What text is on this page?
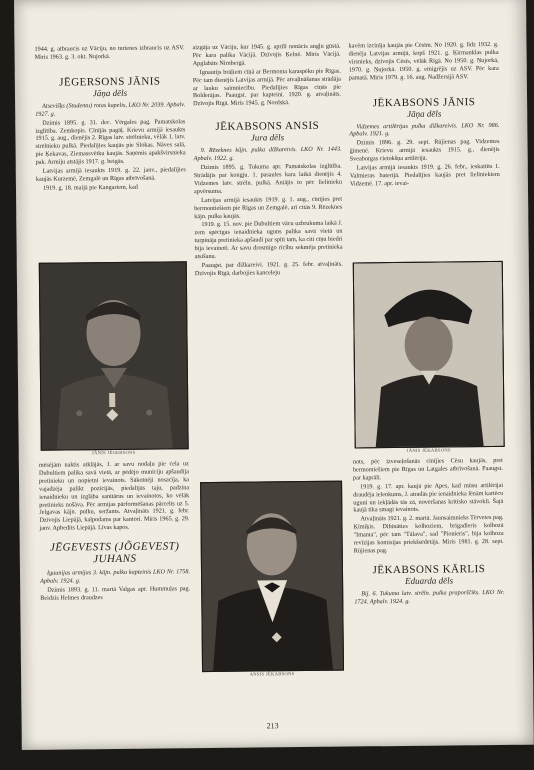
1944. g. atbraucis uz Vāciju, no turienes izbraucis uz ASV. Miris 1963. g. 3. okt. Nujorkā.

JĒGERSONS JĀNIS
Jāņa dēls

Atsevišķs (Studentu) rotas kapelis, LKO Nr. 2039. Apbalv. 1927. g.

Dzimis 1895. g. 31. dec. Vērgales pag. Pamatskolas izglītība. Zemkopis. Cīnījās pagāļ. Krievu armijā iesaukts 1915. g. aug., dienējis 2. Rīgas latv. strēlnieku, vēlāk 1. latv. strēlnieku pulkā. Piedalījies kaujās pie Slokas. Nāves salā, pie Ķekavas, Ziemassvētku kaujās. Saņēmis apakšvirsnieka pak. Armiju atstājis 1917. g. beigās.

Latvijas armijā iesaukts 1919. g. 22. janv., piedalījies kaujās Kurzemē, Zemgalē un Rīgas atbrīvošanā.

1919. g. 18. maijā pie Kangariem, kad

JĀNIS JĒGERSONS

mēsējām naktis atklājās, J. ar savu nodaļu pie cela uz Dubultiem palika savā vietā, ar pēdējo munīciju apšaudīja pretinieku un nopietni ievainots. Sākotnēji nosacīja, ka vajadzēja palikt pozīcijās, piedalījās taju, padzina ienaidnieku un izglāba sanitārus un ievainotos, ko vēlāk pretinieks nošāva. Pēc armijas pārformēšanas pārcelts uz 5. Jelgavas kājn. pulku, seržants. Atvaļināts 1921. g. febr. Dzīvojis Liepājā, kalpodams par kantori. Miris 1965. g. 29. janv. Apbedīts Liepājā. Līvas kapos.

JĒGEVESTS (JÕGEVEST)
JUHANS

Igaunijas armijas 3. kājn. pulka kapteinis LKO Nr. 1758. Apbalv. 1924. g.

Dzimis 1893. g. 11. martā Valgas apr. Hummuļas pag. Beidzis Helmes draudzes

aizgāja uz Vāciju, kur 1945. g. aprīlī nonācis angļu gūstā. Pēc kara palika Vācijā. Dzīvojis Ķelnē. Miris Vācijā. Apglabāts Nirnbergā.

Ignautijs brāļiem cīņā ar Bermonta karaspēku pie Rīgas. Pēc tam dienējis Latvijas armijā. Pēc atvaļināšanas strādāja ar lauku saimniecību. Piedalījies Rīgas cīņās pie Bolderājas. Paaugst. par kapteini. 1920. g. atvaļināts. Dzīvojis Rīgā. Miris 1945. g. Nordskā.

JĒKABSONS ANSIS
Jura dēls

9. Rēzeknes kājn. pulka dižkareivis. LKO Nr. 1443. Apbalv. 1922. g.

Dzimis 1895. g. Tukuma apr. Pamatskolas izglītība. Strādājis par kongju. 1. pasaules kara laikā dienējis 4. Vidzemes latv. strēln. pulkā. Aniājis to pēc lielinieku apvērsuma.

Latvijas armijā iesaukts 1919. g. 1. aug., cīnījies pret bermontiešiem pie Rīgas un Zemgalē, arī citās 9. Rēzeknes kājn. pulka kaujās.

1919. g. 15. nov. pie Dubultiem vācu uzbrukuma laikā J. zem spēcīgas ienaidnieka uguns palika savā vietā un turpināja pretinieka apšaudi par spīti tam, ka citi cīņu biedri bija ievainoti. Ar savu drosmīgo rīcību sekmēja pretinieka atsišanu.

Paaugst. par dižkareivi. 1921. g. 25. febr. atvaļināts. Dzīvojis Rīgā, darbojies kanceleju

ANSIS JĒKABSONS

kavēm izcīnīja kaujās pie Cēsīm. No 1920. g. līdz 1932. g. dienēja Latvijas armijā, kopš 1921. g. Ķirmanklas pulka virsnieks, dzīvojis Cēsīs, vēlāk Rīgā. No 1950. g. Ņujorkā, 1970. g. Ņujorkā. 1950. g. emigrējis uz ASV. Pēc kara pamatā. Miris 1979. g. 16. aug. Nadžersijā ASV.

JĒKABSONS JĀNIS
Jāņa dēls

Vidzemes artilērijas pulka dižkareivis. LKO Nr. 986. Apbalv. 1921. g.

Dzimis 1896. g. 29. sept. Rūjienas pag. Vidzemes ģimenē. Krievu armijā iesaukts 1915. g., dienējis Sveaborgas cietokšņa artilērijā.

Latvijas armijā iesaukts 1919. g. 26. febr., ieskaitīts 1. Valmieras baterijā. Piedalījies kaujās pret lieliniekiem Vidzemē. 17. apr. ievai-

JĀNIS JĒKABSONS

nots, pēc izveseļošanās cīnījies Cēsu kaujās, pret bermontiešiem pie Rīgas un Latgales atbrīvošanā. Paaugst. par kaprāli.

1919. g. 17. apr. kaujā pie Apes, kad mūsu artilērijai draudēja ielenkums, J. atradās pie ienaidnieka lēnām kartēcu uguni un iekļādās tās zā, novēršanas kritisko stāvokli. Šajā kaujā tika smagi ievainots.

Atvaļināts 1921. g. 2. martā. Jaunsaimnieks Tērvetes pag. Ķīmiķis. Dibināties kolhoziem, brigadieris kolhozā "Imanta", pēc tam "Tālava", sad "Pionieris", bija kolhoza revīzijas komisijas priekšsēdētājs. Miris 1981. g. 28. sept. Rūjienas pag.

JĒKABSONS KĀRLIS
Eduarda dēls

Bij. 6. Tukuma latv. strēln. pulka praporščiks. LKO Nr. 1724. Apbalv. 1924. g.

213
